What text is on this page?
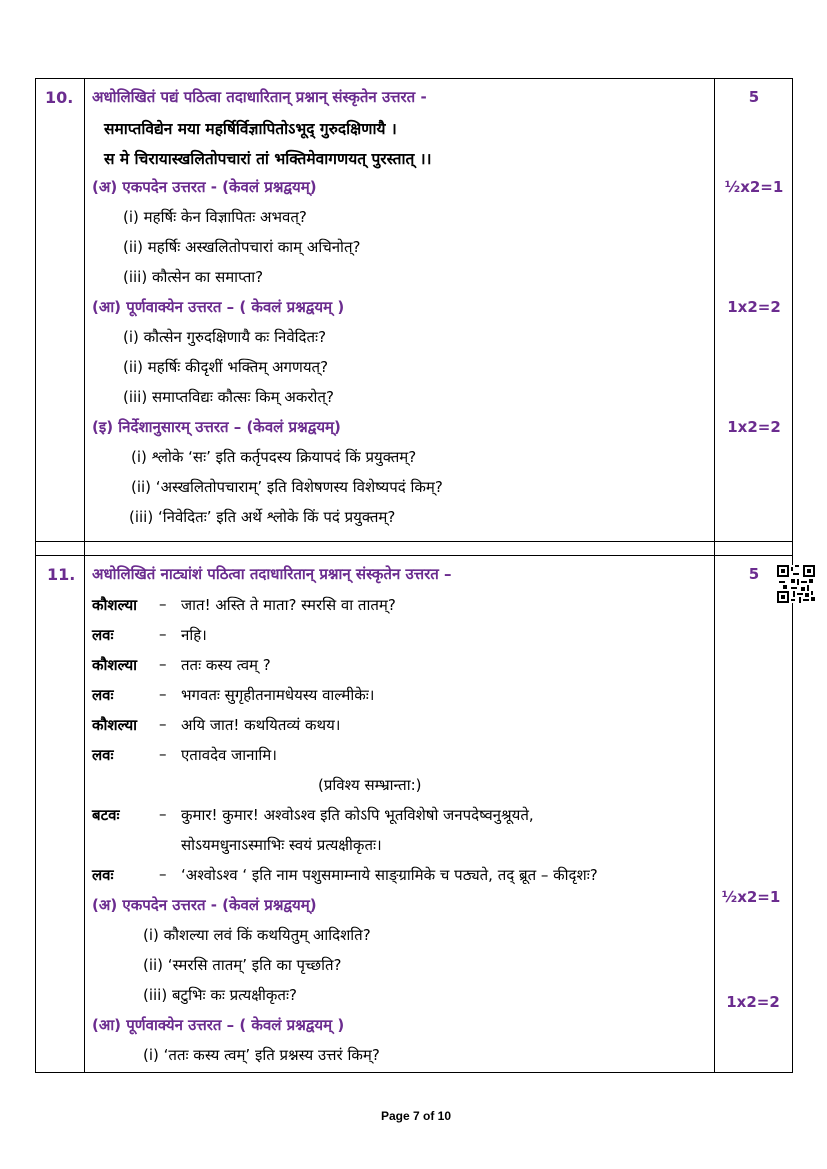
10. अधोलिखितं पद्यं पठित्वा तदाधारितान् प्रश्नान् संस्कृतेन उत्तरत -	5
समाप्तविद्येन मया महर्षिर्विज्ञापितोऽभूद् गुरुदक्षिणायै ।
स मे चिरायास्खलितोपचारां तां भक्तिमेवागणयत् पुरस्तात् ।।
(अ) एकपदेन उत्तरत - (केवलं प्रश्नद्वयम्)	½x2=1
(i) महर्षिः केन विज्ञापितः अभवत्?
(ii) महर्षिः अस्खलितोपचारां काम् अचिनोत्?
(iii) कौत्सेन का समाप्ता?
(आ) पूर्णवाक्येन उत्तरत – ( केवलं प्रश्नद्वयम् )	1x2=2
(i) कौत्सेन गुरुदक्षिणायै कः निवेदितः?
(ii) महर्षिः कीदृशीं भक्तिम् अगणयत्?
(iii) समाप्तविद्यः कौत्सः किम् अकरोत्?
(इ) निर्देशानुसारम् उत्तरत – (केवलं प्रश्नद्वयम्)	1x2=2
(i) श्लोके ‘सः’ इति कर्तृपदस्य क्रियापदं किं प्रयुक्तम्?
(ii) ‘अस्खलितोपचाराम्’ इति विशेषणस्य विशेष्यपदं किम्?
(iii) ‘निवेदितः’ इति अर्थे श्लोके किं पदं प्रयुक्तम्?
11. अधोलिखितं नाट्यांशं पठित्वा तदाधारितान् प्रश्नान् संस्कृतेन उत्तरत –	5
कौशल्या – जात! अस्ति ते माता? स्मरसि वा तातम्?
लवः	– नहि।
कौशल्या – ततः कस्य त्वम् ?
लवः	– भगवतः सुगृहीतनामधेयस्य वाल्मीकेः।
कौशल्या – अयि जात! कथयितव्यं कथय।
लवः	– एतावदेव जानामि।
(प्रविश्य सम्भ्रान्ता:)
बटवः	– कुमार! कुमार! अश्वोऽश्व इति कोऽपि भूतविशेषो जनपदेष्वनुश्रूयते,
सोऽयमधुनाऽस्माभिः स्वयं प्रत्यक्षीकृतः।
लवः	– ‘अश्वोऽश्व ‘ इति नाम पशुसमाम्नाये साङ्ग्रामिके च पठ्यते, तद् ब्रूत – कीदृशः?
(अ) एकपदेन उत्तरत - (केवलं प्रश्नद्वयम्)	½x2=1
(i) कौशल्या लवं किं कथयितुम् आदिशति?
(ii) ‘स्मरसि तातम्’ इति का पृच्छति?
(iii) बटुभिः कः प्रत्यक्षीकृतः?	1x2=2
(आ) पूर्णवाक्येन उत्तरत – ( केवलं प्रश्नद्वयम् )
(i) ‘ततः कस्य त्वम्’ इति प्रश्नस्य उत्तरं किम्?
Page 7 of 10
